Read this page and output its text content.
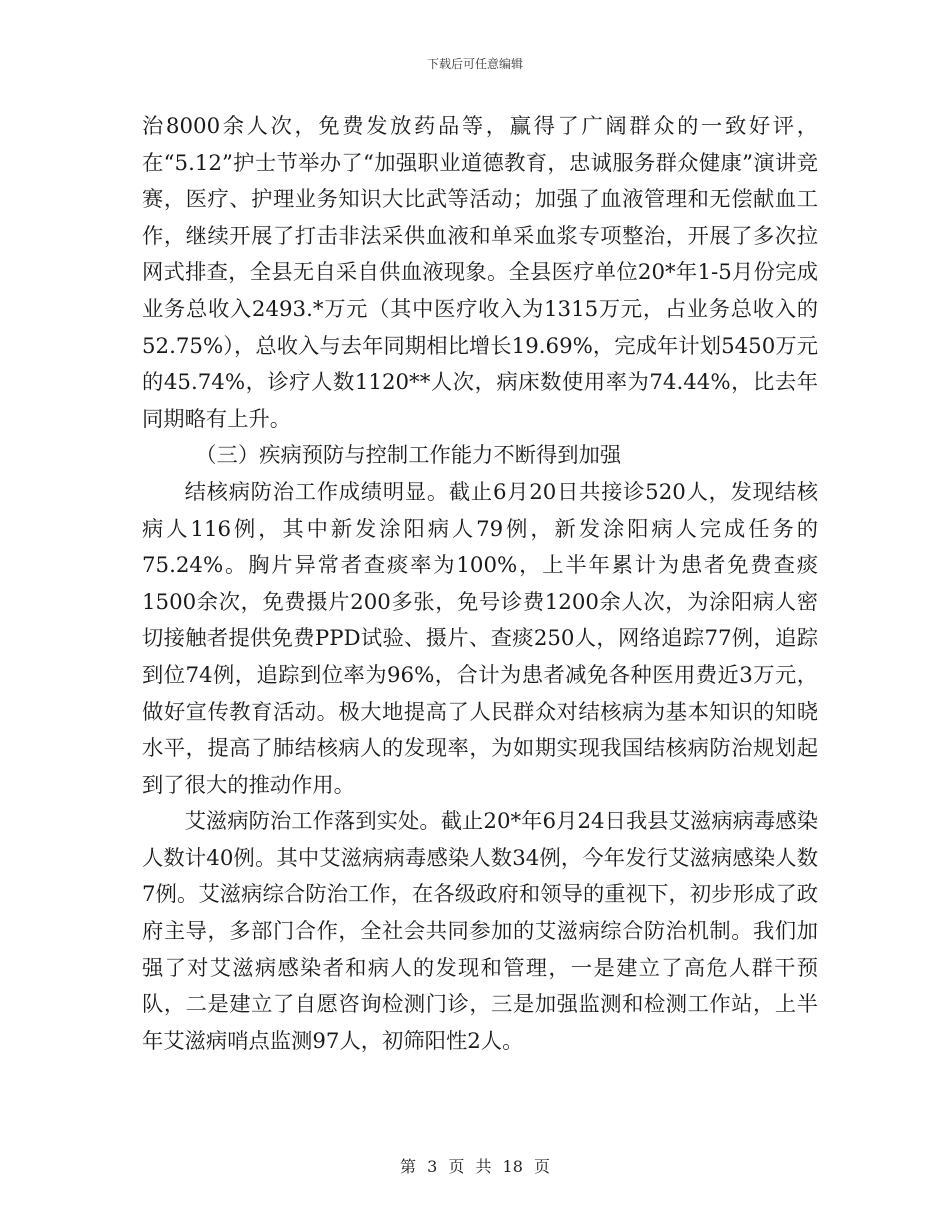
下载后可任意编辑

治8000余人次，免费发放药品等，赢得了广阔群众的一致好评，在“5.12”护士节举办了“加强职业道德教育，忠诚服务群众健康”演讲竞赛，医疗、护理业务知识大比武等活动；加强了血液管理和无偿献血工作，继续开展了打击非法采供血液和单采血浆专项整治，开展了多次拉网式排查，全县无自采自供血液现象。全县医疗单位20*年1-5月份完成业务总收入2493.*万元（其中医疗收入为1315万元，占业务总收入的52.75%），总收入与去年同期相比增长19.69%，完成年计划5450万元的45.74%，诊疗人数1120**人次，病床数使用率为74.44%，比去年同期略有上升。

（三）疾病预防与控制工作能力不断得到加强

结核病防治工作成绩明显。截止6月20日共接诊520人，发现结核病人116例，其中新发涂阳病人79例，新发涂阳病人完成任务的75.24%。胸片异常者查痰率为100%，上半年累计为患者免费查痰1500余次，免费摄片200多张，免号诊费1200余人次，为涂阳病人密切接触者提供免费PPD试验、摄片、查痰250人，网络追踪77例，追踪到位74例，追踪到位率为96%，合计为患者减免各种医用费近3万元，做好宣传教育活动。极大地提高了人民群众对结核病为基本知识的知晓水平，提高了肺结核病人的发现率，为如期实现我国结核病防治规划起到了很大的推动作用。

艾滋病防治工作落到实处。截止20*年6月24日我县艾滋病病毒感染人数计40例。其中艾滋病病毒感染人数34例，今年发行艾滋病感染人数7例。艾滋病综合防治工作，在各级政府和领导的重视下，初步形成了政府主导，多部门合作，全社会共同参加的艾滋病综合防治机制。我们加强了对艾滋病感染者和病人的发现和管理，一是建立了高危人群干预队，二是建立了自愿咨询检测门诊，三是加强监测和检测工作站，上半年艾滋病哨点监测97人，初筛阳性2人。

第 3 页 共 18 页
